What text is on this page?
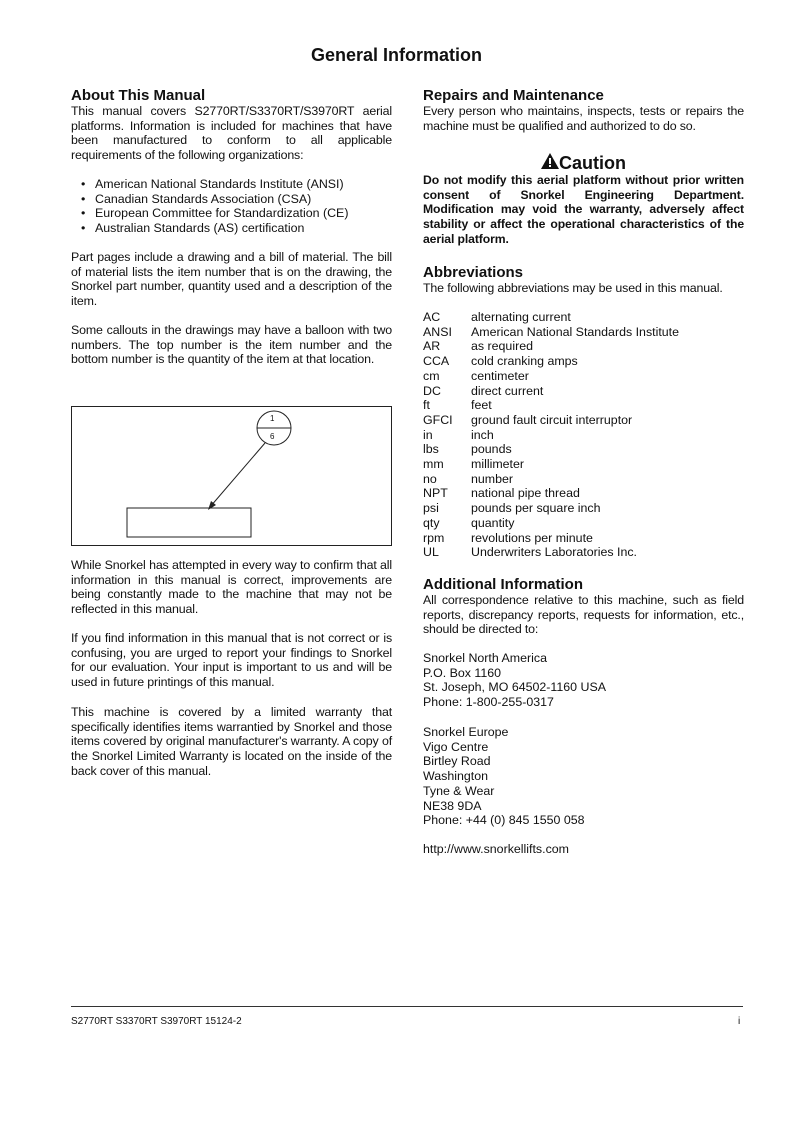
General Information
About This Manual

This manual covers S2770RT/S3370RT/S3970RT aerial platforms. Information is included for machines that have been manufactured to conform to all applicable requirements of the following organizations:

• American National Standards Institute (ANSI)
• Canadian Standards Association (CSA)
• European Committee for Standardization (CE)
• Australian Standards (AS) certification

Part pages include a drawing and a bill of material. The bill of material lists the item number that is on the drawing, the Snorkel part number, quantity used and a description of the item.

Some callouts in the drawings may have a balloon with two numbers. The top number is the item number and the bottom number is the quantity of the item at that location.

1
6

While Snorkel has attempted in every way to confirm that all information in this manual is correct, improvements are being constantly made to the machine that may not be reflected in this manual.

If you find information in this manual that is not correct or is confusing, you are urged to report your findings to Snorkel for our evaluation. Your input is important to us and will be used in future printings of this manual.

This machine is covered by a limited warranty that specifically identifies items warrantied by Snorkel and those items covered by original manufacturer's warranty. A copy of the Snorkel Limited Warranty is located on the inside of the back cover of this manual.

Repairs and Maintenance

Every person who maintains, inspects, tests or repairs the machine must be qualified and authorized to do so.

Caution

Do not modify this aerial platform without prior written consent of Snorkel Engineering Department. Modification may void the warranty, adversely affect stability or affect the operational characteristics of the aerial platform.

Abbreviations

The following abbreviations may be used in this manual.

AC	alternating current
ANSI	American National Standards Institute
AR	as required
CCA	cold cranking amps
cm	centimeter
DC	direct current
ft	feet
GFCI	ground fault circuit interruptor
in	inch
lbs	pounds
mm	millimeter
no	number
NPT	national pipe thread
psi	pounds per square inch
qty	quantity
rpm	revolutions per minute
UL	Underwriters Laboratories Inc.
Additional Information

All correspondence relative to this machine, such as field reports, discrepancy reports, requests for information, etc., should be directed to:

Snorkel North America
P.O. Box 1160
St. Joseph, MO 64502-1160 USA
Phone: 1-800-255-0317
Snorkel Europe
Vigo Centre
Birtley Road
Washington
Tyne & Wear
NE38 9DA
Phone: +44 (0) 845 1550 058
http://www.snorkellifts.com
S2770RT S3370RT S3970RT 15124-2	i
